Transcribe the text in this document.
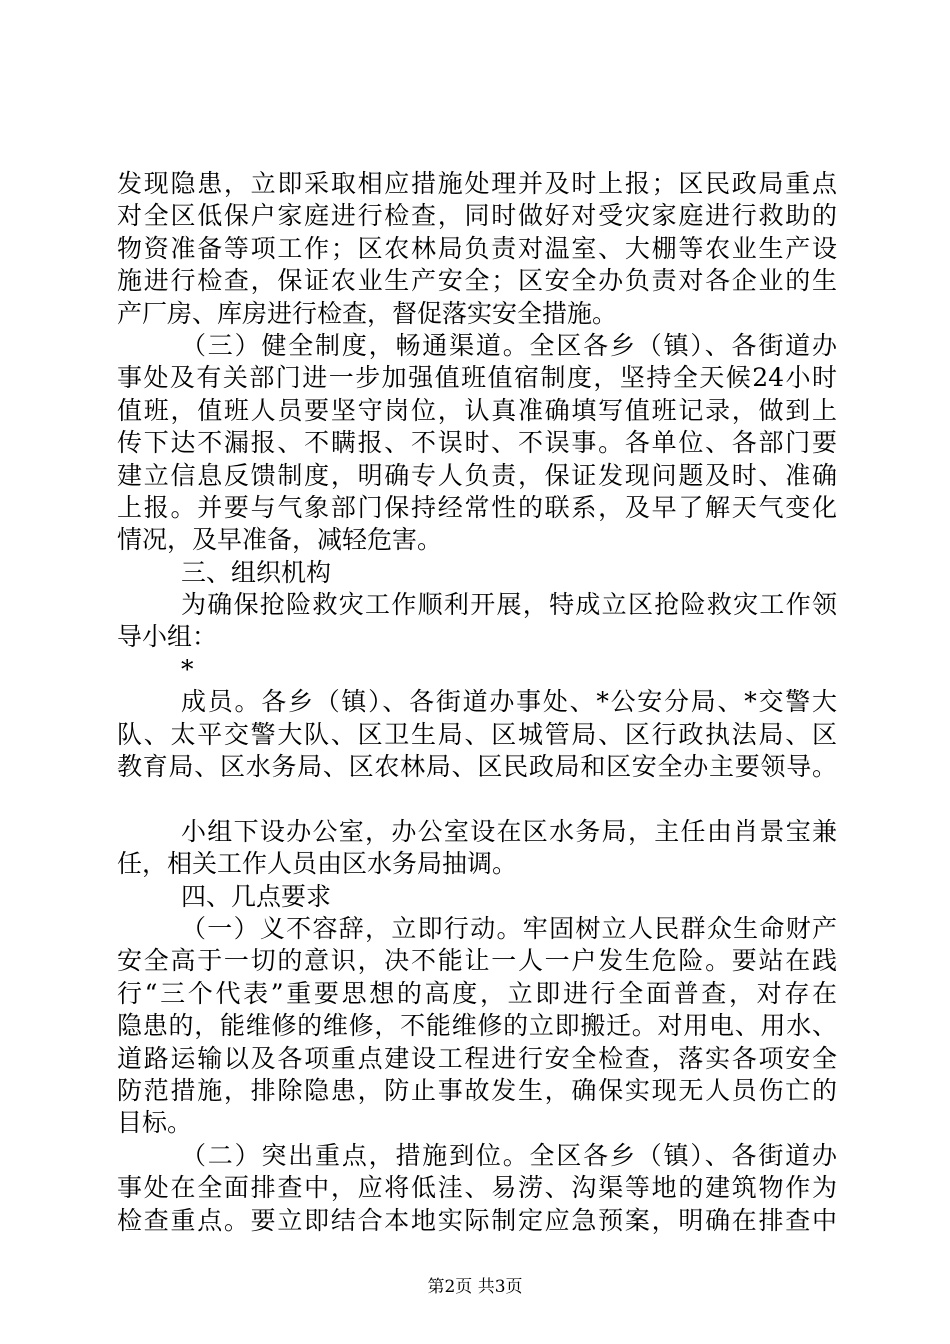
发现隐患，立即采取相应措施处理并及时上报；区民政局重点
对全区低保户家庭进行检查，同时做好对受灾家庭进行救助的
物资准备等项工作；区农林局负责对温室、大棚等农业生产设
施进行检查，保证农业生产安全；区安全办负责对各企业的生
产厂房、库房进行检查，督促落实安全措施。
（三）健全制度，畅通渠道。全区各乡（镇）、各街道办
事处及有关部门进一步加强值班值宿制度，坚持全天候24小时
值班，值班人员要坚守岗位，认真准确填写值班记录，做到上
传下达不漏报、不瞒报、不误时、不误事。各单位、各部门要
建立信息反馈制度，明确专人负责，保证发现问题及时、准确
上报。并要与气象部门保持经常性的联系，及早了解天气变化
情况，及早准备，减轻危害。
三、组织机构
为确保抢险救灾工作顺利开展，特成立区抢险救灾工作领
导小组：
*
成员。各乡（镇）、各街道办事处、*公安分局、*交警大
队、太平交警大队、区卫生局、区城管局、区行政执法局、区
教育局、区水务局、区农林局、区民政局和区安全办主要领导。
小组下设办公室，办公室设在区水务局，主任由肖景宝兼
任，相关工作人员由区水务局抽调。
四、几点要求
（一）义不容辞，立即行动。牢固树立人民群众生命财产
安全高于一切的意识，决不能让一人一户发生危险。要站在践
行“三个代表”重要思想的高度，立即进行全面普查，对存在
隐患的，能维修的维修，不能维修的立即搬迁。对用电、用水、
道路运输以及各项重点建设工程进行安全检查，落实各项安全
防范措施，排除隐患，防止事故发生，确保实现无人员伤亡的
目标。
（二）突出重点，措施到位。全区各乡（镇）、各街道办
事处在全面排查中，应将低洼、易涝、沟渠等地的建筑物作为
检查重点。要立即结合本地实际制定应急预案，明确在排查中
第2页 共3页
